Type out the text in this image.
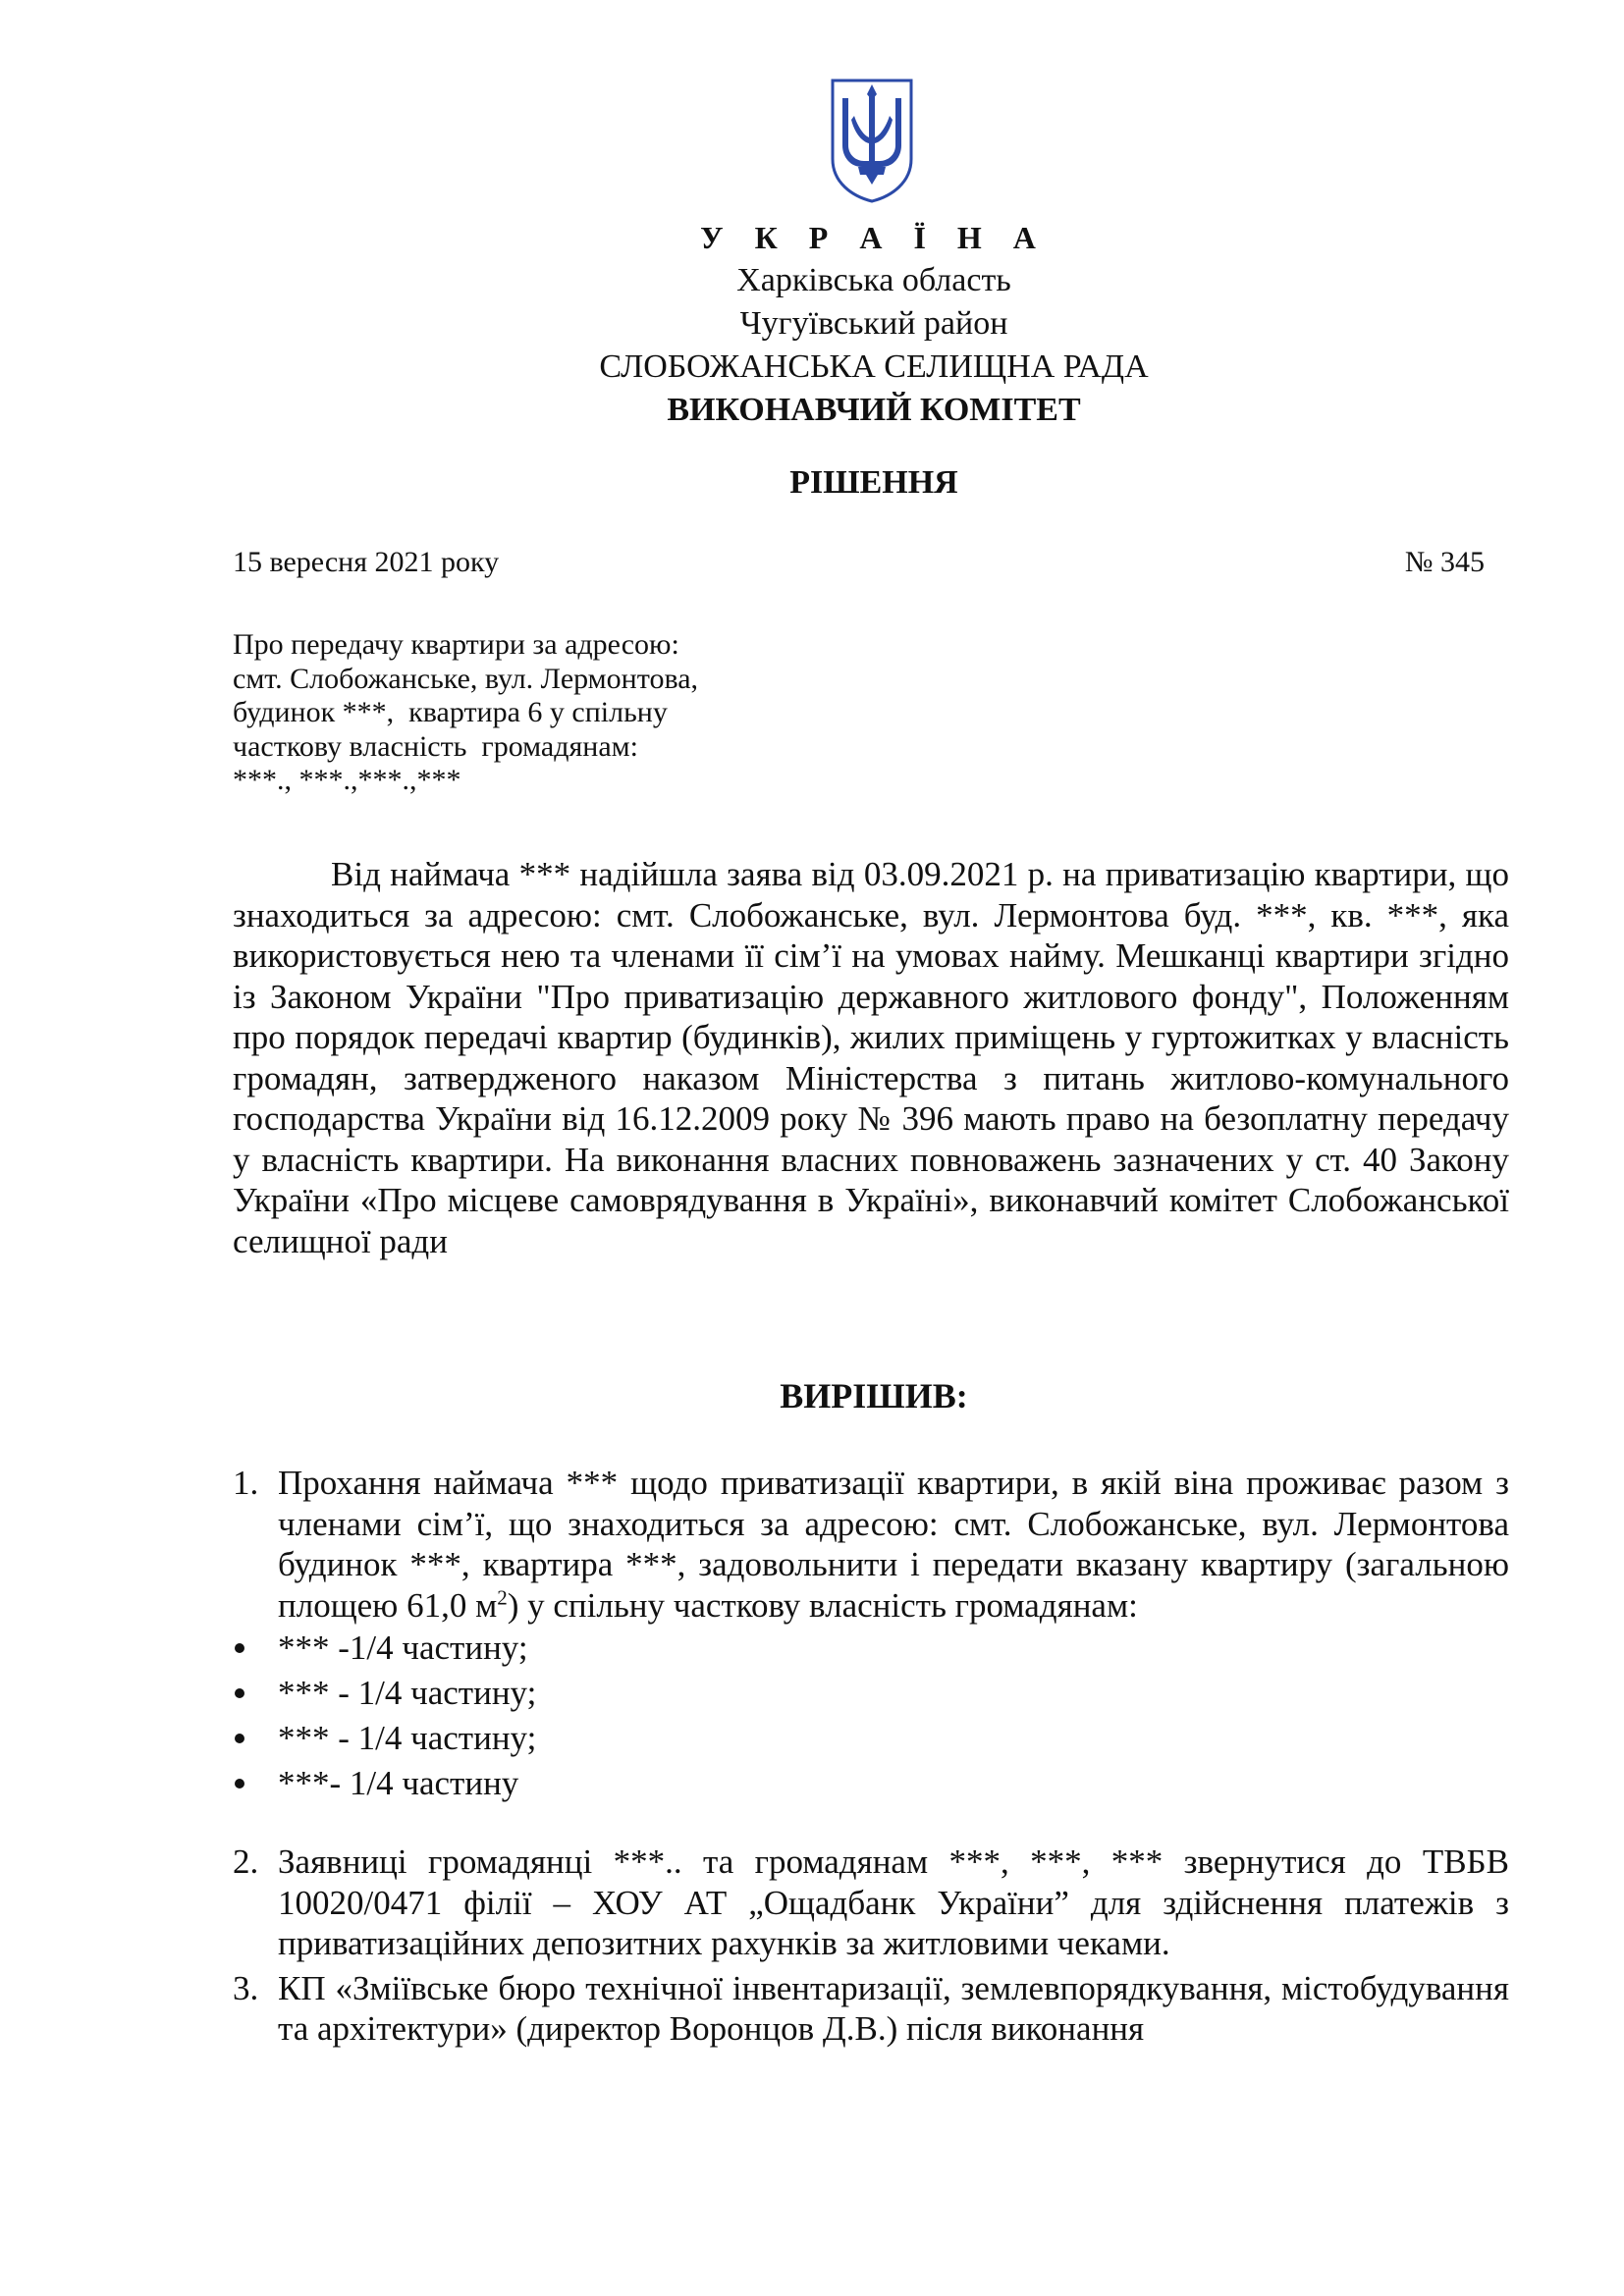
У К Р А Ї Н А
Харківська область
Чугуївський район
СЛОБОЖАНСЬКА СЕЛИЩНА РАДА
ВИКОНАВЧИЙ КОМІТЕТ
РІШЕННЯ
15 вересня 2021 року	№ 345
Про передачу квартири за адресою:
смт. Слобожанське, вул. Лермонтова,
будинок ***,  квартира 6 у спільну
часткову власність  громадянам:
***., ***.,***.,***

Від наймача *** надійшла заява від 03.09.2021 р. на приватизацію квартири, що знаходиться за адресою: смт. Слобожанське, вул. Лермонтова буд. ***, кв. ***, яка використовується нею та членами її сім’ї на умовах найму. Мешканці квартири згідно із Законом України "Про приватизацію державного житлового фонду", Положенням про порядок передачі квартир (будинків), жилих приміщень у гуртожитках у власність громадян, затвердженого наказом Міністерства з питань житлово-комунального господарства України від 16.12.2009 року № 396 мають право на безоплатну передачу у власність квартири. На виконання власних повноважень зазначених у ст. 40 Закону України «Про місцеве самоврядування в Україні», виконавчий комітет Слобожанської селищної ради

ВИРІШИВ:
1. Прохання наймача *** щодо приватизації квартири, в якій віна проживає разом з членами сім’ї, що знаходиться за адресою: смт. Слобожанське, вул. Лермонтова будинок ***, квартира ***, задовольнити і передати вказану квартиру (загальною площею 61,0 $м^2$) у спільну часткову власність громадянам:
*** -1/4 частину;
*** - 1/4 частину;
*** - 1/4 частину;
***- 1/4 частину
2. Заявниці громадянці ***.. та громадянам ***, ***, *** звернутися до ТВБВ 10020/0471 філії – ХОУ АТ „Ощадбанк України” для здійснення платежів з приватизаційних депозитних рахунків за житловими чеками.
3. КП «Зміївське бюро технічної інвентаризації, землевпорядкування, містобудування та архітектури» (директор Воронцов Д.В.) після виконання
